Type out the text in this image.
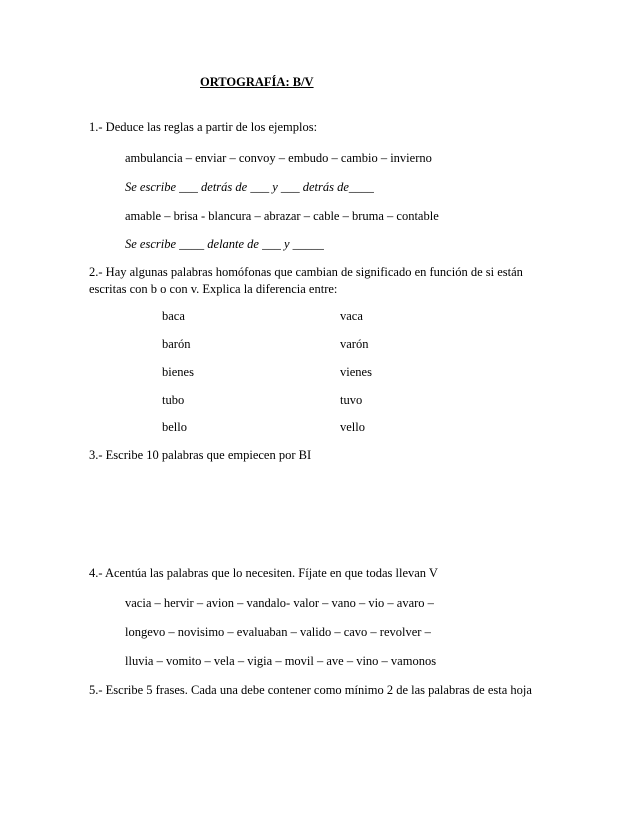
ORTOGRAFÍA: B/V
1.- Deduce las reglas a partir de los ejemplos:
ambulancia – enviar – convoy – embudo – cambio – invierno
Se escribe ___ detrás de ___ y ___ detrás de____
amable – brisa - blancura – abrazar – cable – bruma – contable
Se escribe ____ delante de ___ y _____
2.- Hay algunas palabras homófonas que cambian de significado en función de si están
escritas con b o con v. Explica la diferencia entre:
baca	vaca
barón	varón
bienes	vienes
tubo	tuvo
bello	vello
3.- Escribe 10 palabras que empiecen por BI
4.- Acentúa las palabras que lo necesiten. Fíjate en que todas llevan V
vacia – hervir – avion – vandalo- valor – vano – vio – avaro –
longevo – novisimo – evaluaban – valido – cavo – revolver –
lluvia – vomito – vela – vigia – movil – ave – vino – vamonos
5.- Escribe 5 frases. Cada una debe contener como mínimo 2 de las palabras de esta hoja
